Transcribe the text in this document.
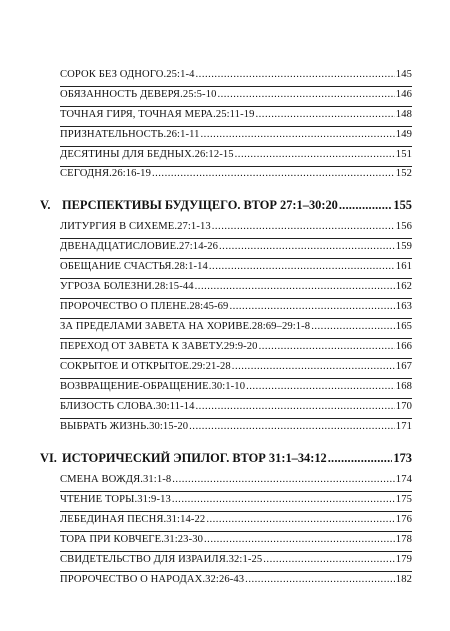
СОРОК БЕЗ ОДНОГО. 25:1-4 .....	145
ОБЯЗАННОСТЬ ДЕВЕРЯ. 25:5-10 .....	146
ТОЧНАЯ ГИРЯ, ТОЧНАЯ МЕРА. 25:11-19 .....	148
ПРИЗНАТЕЛЬНОСТЬ. 26:1-11 .....	149
ДЕСЯТИНЫ ДЛЯ БЕДНЫХ. 26:12-15 .....	151
СЕГОДНЯ. 26:16-19 .....	152
V. ПЕРСПЕКТИВЫ БУДУЩЕГО. ВТОР 27:1–30:20 .....	155
ЛИТУРГИЯ В СИХЕМЕ. 27:1-13 .....	156
ДВЕНАДЦАТИСЛОВИЕ. 27:14-26 .....	159
ОБЕЩАНИЕ СЧАСТЬЯ. 28:1-14 .....	161
УГРОЗА БОЛЕЗНИ. 28:15-44 .....	162
ПРОРОЧЕСТВО О ПЛЕНЕ. 28:45-69 .....	163
ЗА ПРЕДЕЛАМИ ЗАВЕТА НА ХОРИВЕ. 28:69–29:1-8 .....	165
ПЕРЕХОД ОТ ЗАВЕТА К ЗАВЕТУ. 29:9-20 .....	166
СОКРЫТОЕ И ОТКРЫТОЕ. 29:21-28 .....	167
ВОЗВРАЩЕНИЕ-ОБРАЩЕНИЕ. 30:1-10 .....	168
БЛИЗОСТЬ СЛОВА. 30:11-14 .....	170
ВЫБРАТЬ ЖИЗНЬ. 30:15-20 .....	171
VI. ИСТОРИЧЕСКИЙ ЭПИЛОГ. ВТОР 31:1–34:12 .....	173
СМЕНА ВОЖДЯ. 31:1-8 .....	174
ЧТЕНИЕ ТОРЫ. 31:9-13 .....	175
ЛЕБЕДИНАЯ ПЕСНЯ. 31:14-22 .....	176
ТОРА ПРИ КОВЧЕГЕ. 31:23-30 .....	178
СВИДЕТЕЛЬСТВО ДЛЯ ИЗРАИЛЯ. 32:1-25 .....	179
ПРОРОЧЕСТВО О НАРОДАХ. 32:26-43 .....	182
